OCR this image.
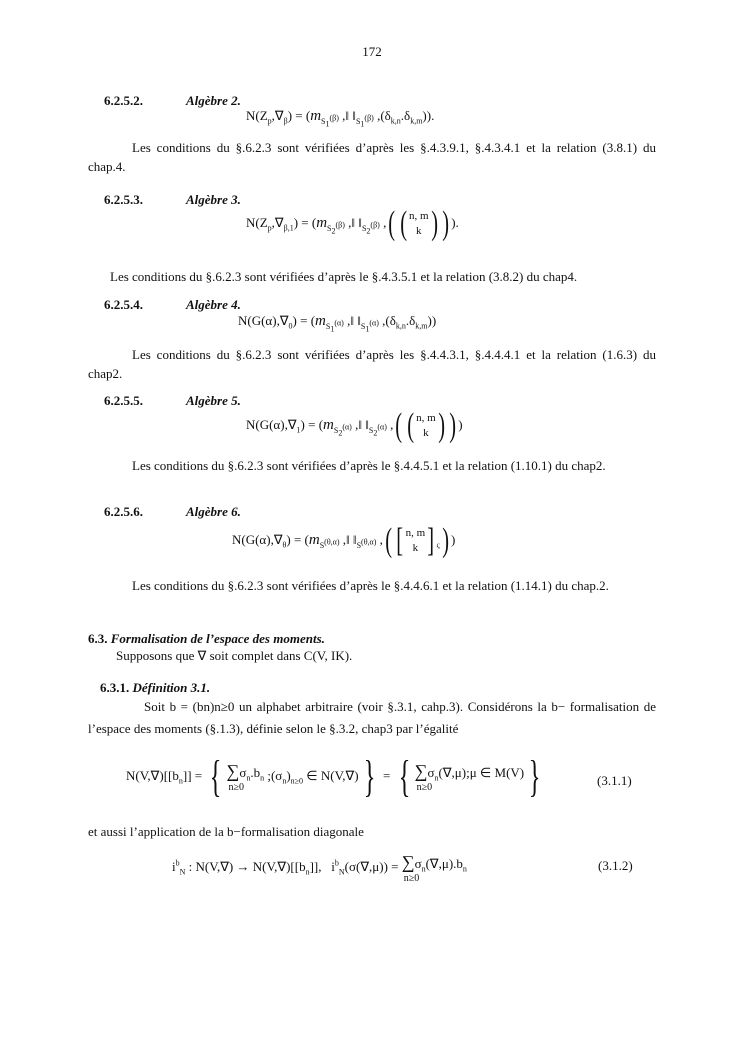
172
6.2.5.2.	Algèbre 2.
$N(Z_p,\nabla_\beta) = (m_{S_1^{(\beta)}}$ ,‖ $‖_{S_1^{(\beta)}}$ $,(\delta_{k,n}.\delta_{k,m})$).
Les conditions du §.6.2.3 sont vérifiées d’après les §.4.3.9.1, §.4.3.4.1 et la relation (3.8.1) du chap.4.
6.2.5.3.	Algèbre 3.
$N(Z_p,\nabla_{\beta,1}) = (m_{S_2^{(\beta)}}$ ,‖ $‖_{S_2^{(\beta)}}$ ,( ( n, m
k ) ) ).
Les conditions du §.6.2.3 sont vérifiées d’après le §.4.3.5.1 et la relation (3.8.2) du chap4.
6.2.5.4.	Algèbre 4.
$N(G(\alpha),\nabla_0) = (m_{S_1^{(\alpha)}}$ ,‖ $‖_{S_1^{(\alpha)}}$ $,(\delta_{k,n}.\delta_{k,m})$)
Les conditions du §.6.2.3 sont vérifiées d’après les §.4.4.3.1, §.4.4.4.1 et la relation (1.6.3) du chap2.
6.2.5.5.	Algèbre 5.
$N(G(\alpha),\nabla_1) = (m_{S_2^{(\alpha)}}$ ,‖ $‖_{S_2^{(\alpha)}}$ ,( ( n, m
k ) ) )
Les conditions du §.6.2.3 sont vérifiées d’après le §.4.4.5.1 et la relation (1.10.1) du chap2.
6.2.5.6.	Algèbre 6.
$N(G(\alpha),\nabla_\theta) = (m_{S^{(\theta,\alpha)}}$ ,‖ $‖_{S^{(\theta,\alpha)}}$ ,( [ n, m
k ] $_\varsigma$) )
Les conditions du §.6.2.3 sont vérifiées d’après le §.4.4.6.1 et la relation (1.14.1) du chap.2.
6.3. Formalisation de l’espace des moments.
Supposons que ∇ soit complet dans C(V, IK).
6.3.1. Définition 3.1.
Soit b = (bn)n≥0 un alphabet arbitraire (voir §.3.1, cahp.3). Considérons la b− formalisation de l’espace des moments (§.1.3), définie selon le §.3.2, chap3 par l’égalité
$N(V,\nabla)[[b_n]]$ = { $\sum\sigma_n.b_n$
n≥0
$;(\sigma_n)_{n\ge 0}$ ∈ N(V,∇) } = { $\sum\sigma_n(\nabla,\mu);\mu$ ∈ M(V)
n≥0	}	(3.1.1)
et aussi l’application de la b−formalisation diagonale
$i^b_N$ : $N(V,\nabla) \to N(V,\nabla)[[b_n]]$,   $i^b_N(\sigma(\nabla,\mu)) = \sum\sigma_n(\nabla,\mu).b_n$
n≥0
(3.1.2)
